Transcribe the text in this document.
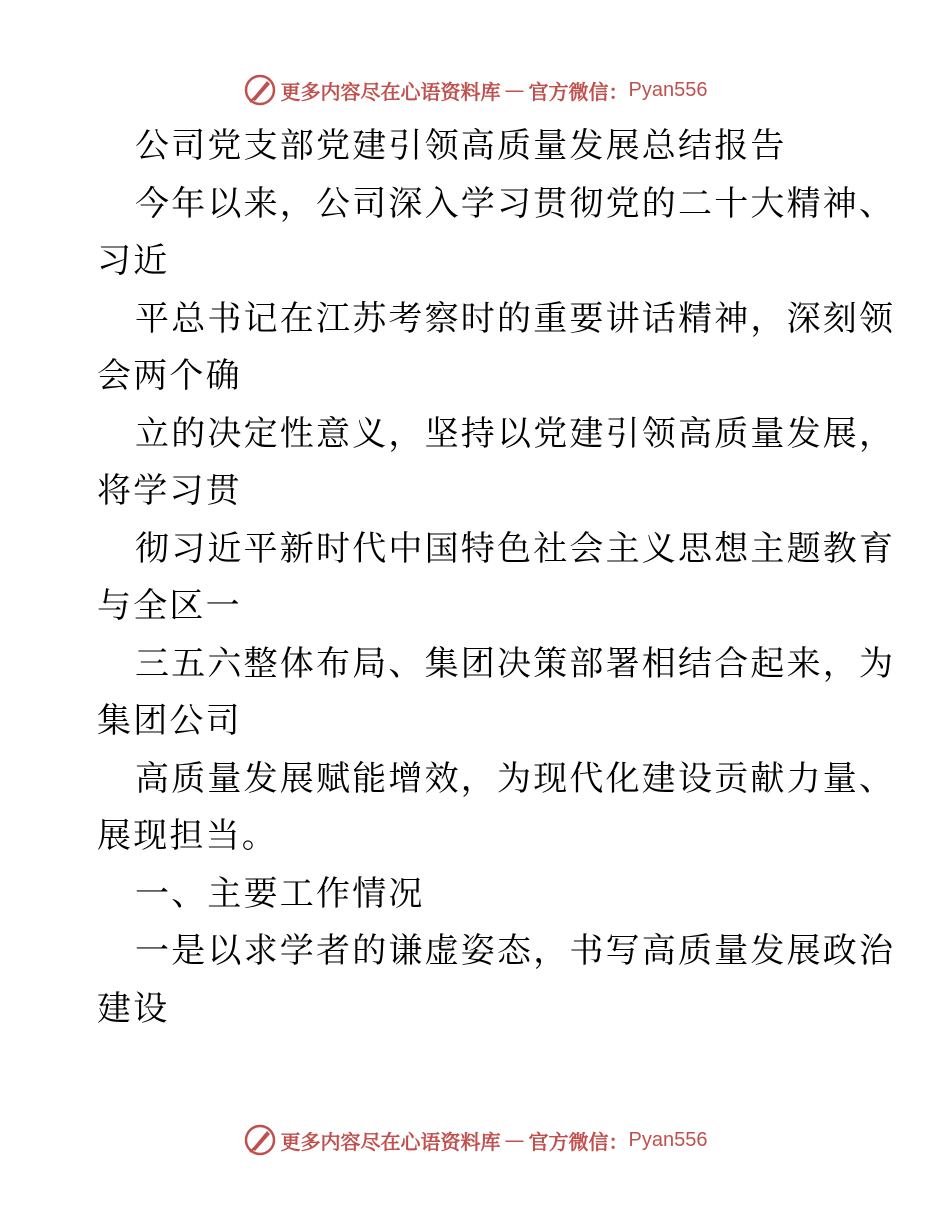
更多内容尽在心语资料库 — 官方微信： Pyan556
公司党支部党建引领高质量发展总结报告
今年以来，公司深入学习贯彻党的二十大精神、
习近
平总书记在江苏考察时的重要讲话精神，深刻领
会两个确
立的决定性意义，坚持以党建引领高质量发展，
将学习贯
彻习近平新时代中国特色社会主义思想主题教育
与全区一
三五六整体布局、集团决策部署相结合起来，为
集团公司
高质量发展赋能增效，为现代化建设贡献力量、
展现担当。
一、主要工作情况
一是以求学者的谦虚姿态，书写高质量发展政治
建设
更多内容尽在心语资料库 — 官方微信： Pyan556
